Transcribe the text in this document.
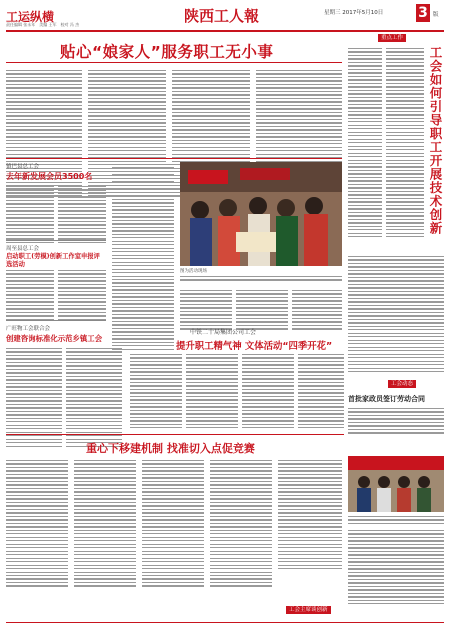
工运纵横	陕西工人報	星期三 2017年5月10日 3 版
责任编辑 张永年　美编 王军　校对 冯 杰
贴心“娘家人”服务职工无小事
重点工作
工会如何引导职工开展技术创新
镇巴县总工会
去年新发展会员3500名
周至县总工会
启动职工(劳模)创新工作室申报评选活动
广旺物工会联合会
创建咨询标准化示范乡镇工会
图为活动现场
中铁二十局集团公司工会
提升职工精气神 文体活动“四季开花”
工会动态
首批家政员签订劳动合同
重心下移建机制 找准切入点促竞赛
工会主席谈创新
